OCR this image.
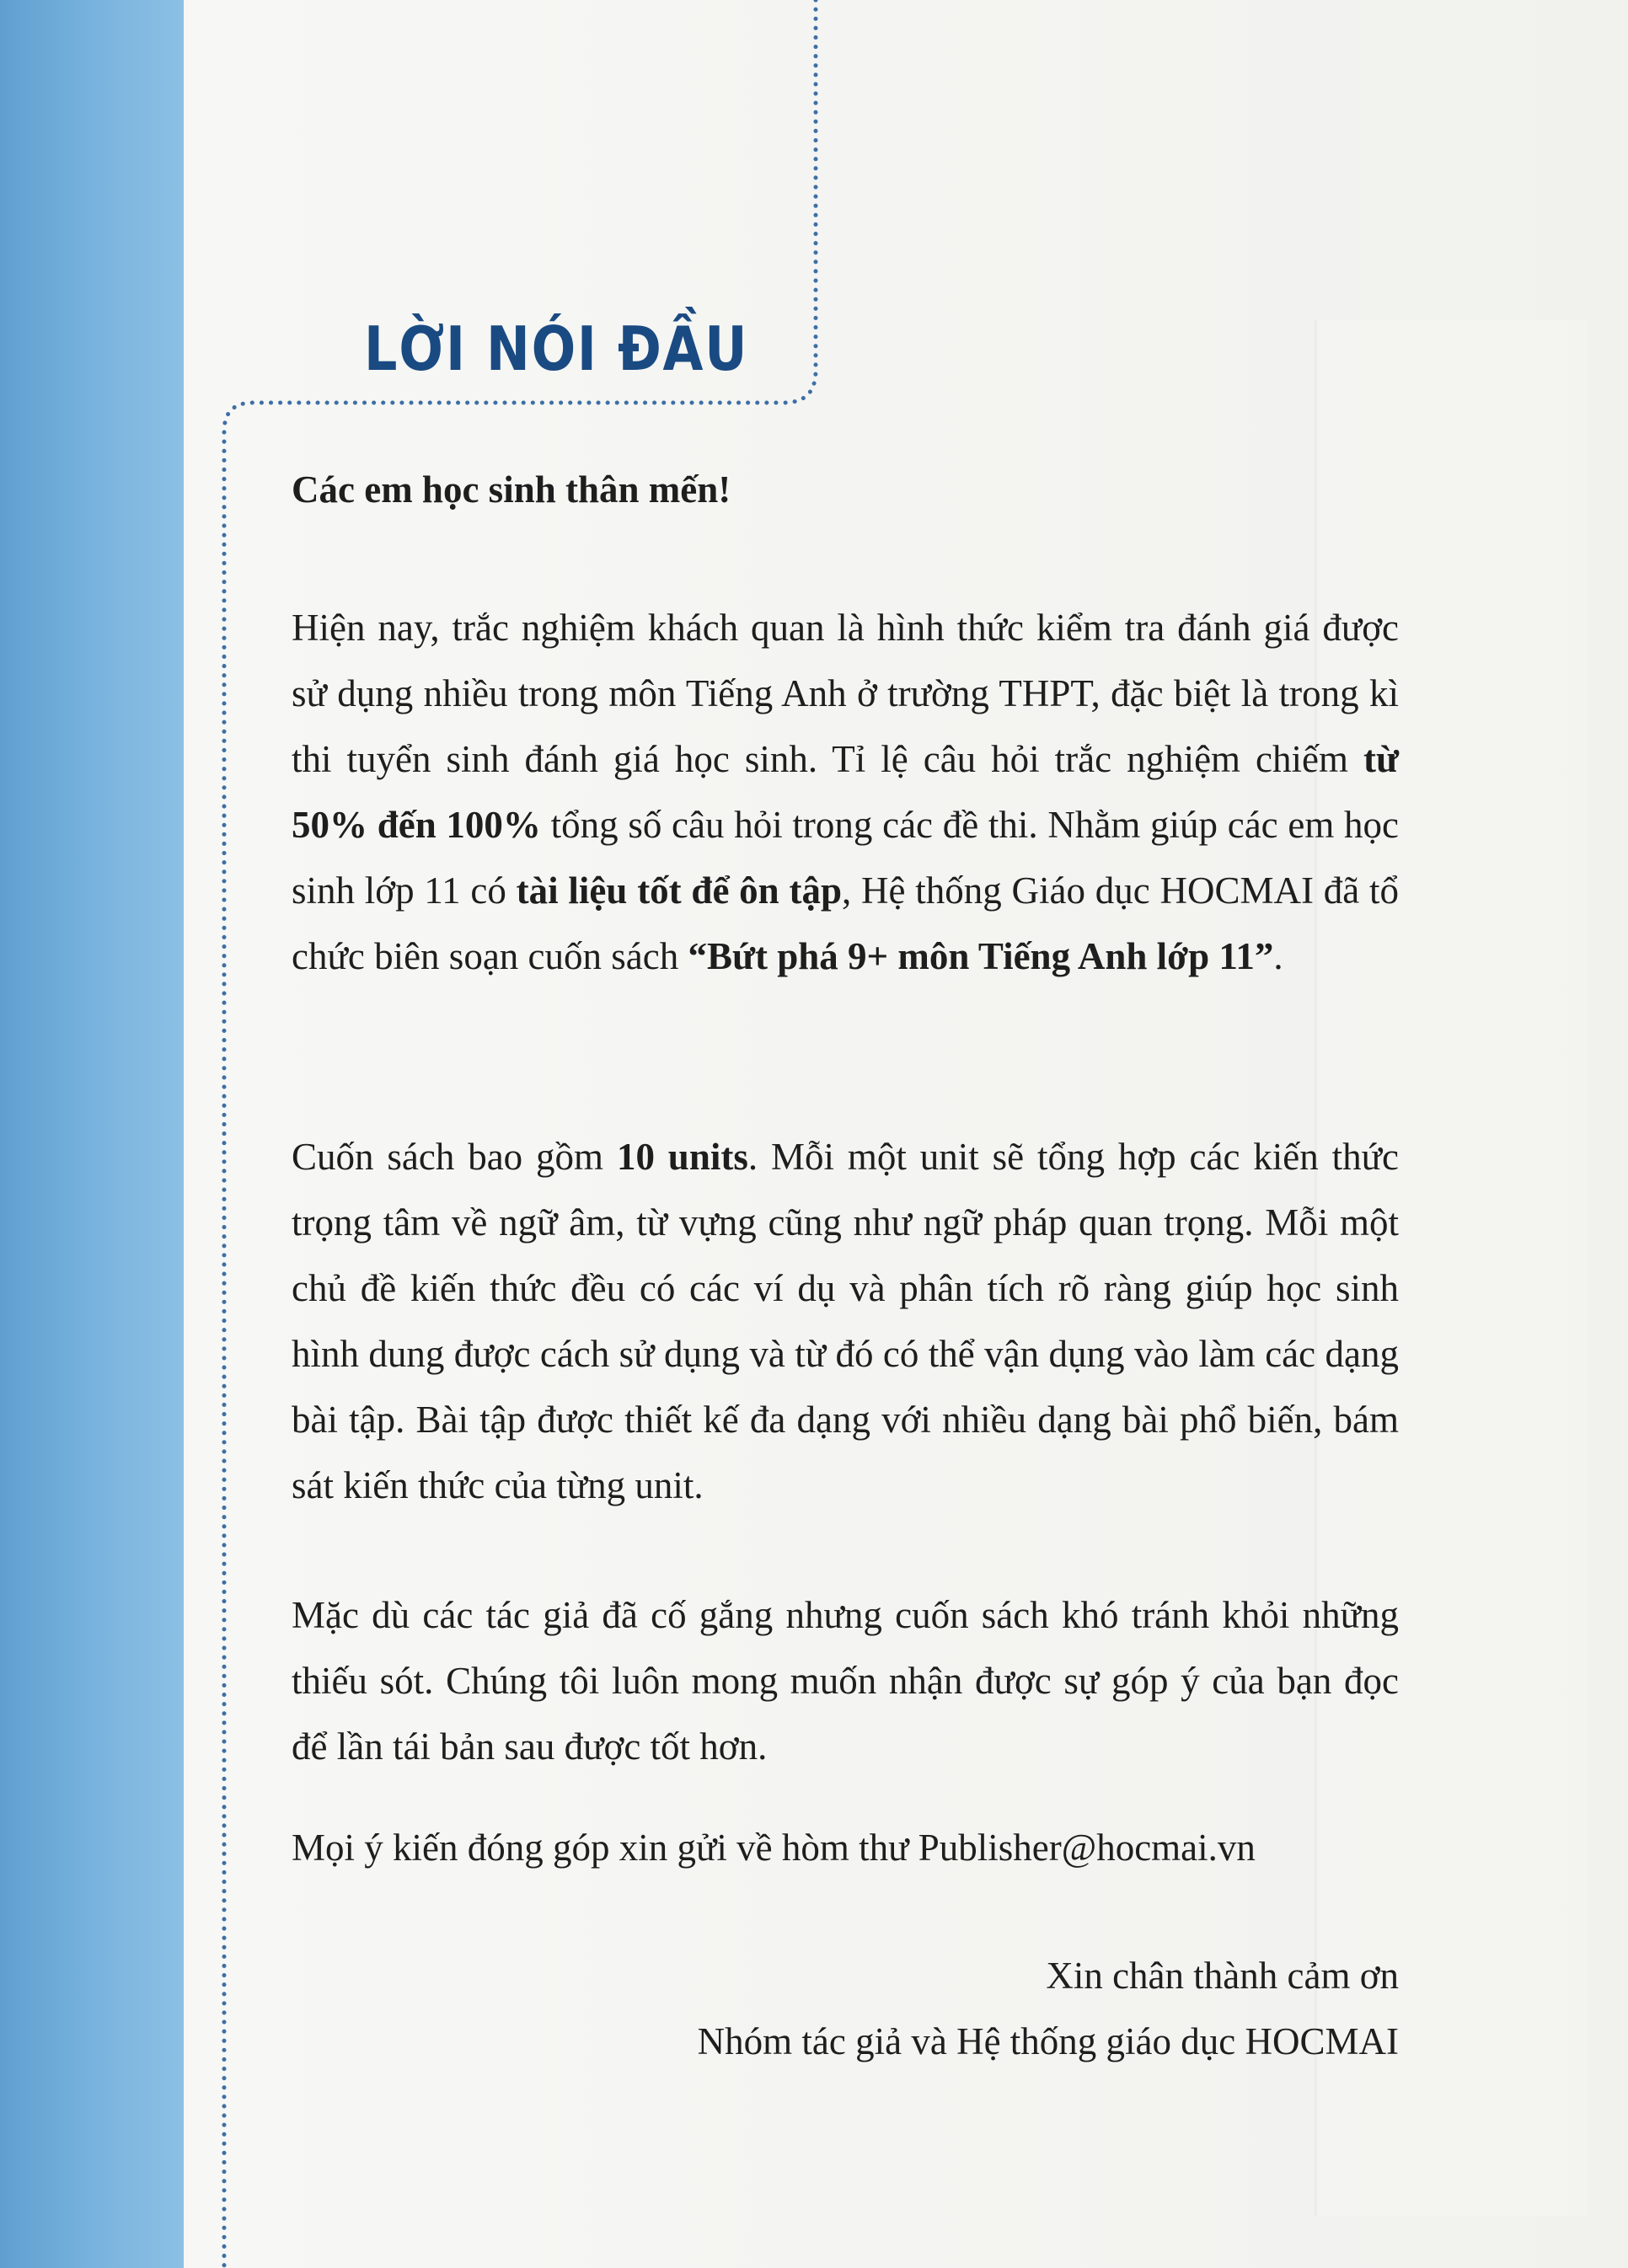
LỜI NÓI ĐẦU
Các em học sinh thân mến!
Hiện nay, trắc nghiệm khách quan là hình thức kiểm tra đánh giá được sử dụng nhiều trong môn Tiếng Anh ở trường THPT, đặc biệt là trong kì thi tuyển sinh đánh giá học sinh. Tỉ lệ câu hỏi trắc nghiệm chiếm từ 50% đến 100% tổng số câu hỏi trong các đề thi. Nhằm giúp các em học sinh lớp 11 có tài liệu tốt để ôn tập, Hệ thống Giáo dục HOCMAI đã tổ chức biên soạn cuốn sách “Bứt phá 9+ môn Tiếng Anh lớp 11”.
Cuốn sách bao gồm 10 units. Mỗi một unit sẽ tổng hợp các kiến thức trọng tâm về ngữ âm, từ vựng cũng như ngữ pháp quan trọng. Mỗi một chủ đề kiến thức đều có các ví dụ và phân tích rõ ràng giúp học sinh hình dung được cách sử dụng và từ đó có thể vận dụng vào làm các dạng bài tập. Bài tập được thiết kế đa dạng với nhiều dạng bài phổ biến, bám sát kiến thức của từng unit.
Mặc dù các tác giả đã cố gắng nhưng cuốn sách khó tránh khỏi những thiếu sót. Chúng tôi luôn mong muốn nhận được sự góp ý của bạn đọc để lần tái bản sau được tốt hơn.
Mọi ý kiến đóng góp xin gửi về hòm thư Publisher@hocmai.vn
Xin chân thành cảm ơn
Nhóm tác giả và Hệ thống giáo dục HOCMAI
